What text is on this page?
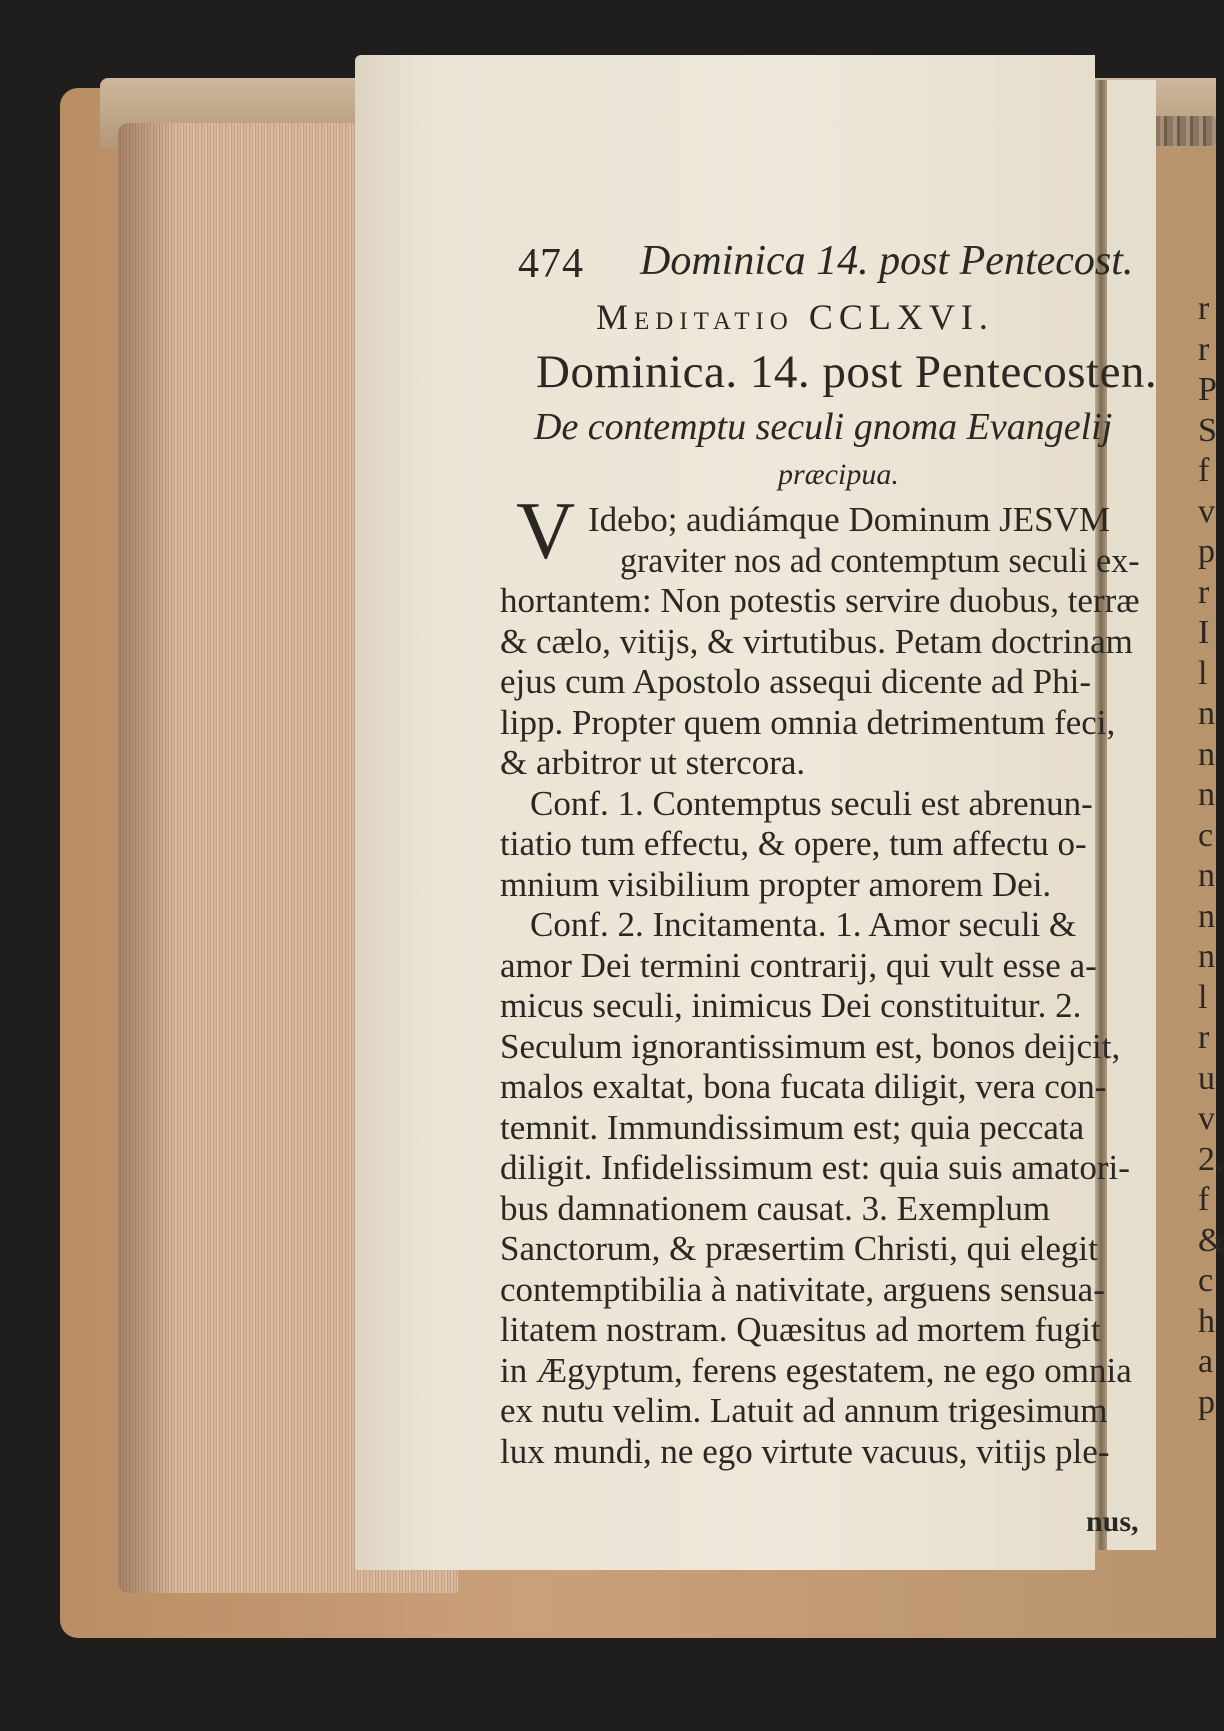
474 Dominica 14. post Pentecost.
Meditatio CCLXVI.
Dominica. 14. post Pentecosten.
De contemptu seculi gnoma Evangelij
præcipua.
V Idebo; audiámque Dominum JESVM
graviter nos ad contemptum seculi ex-
hortantem: Non potestis servire duobus, terræ
& cælo, vitijs, & virtutibus. Petam doctrinam
ejus cum Apostolo assequi dicente ad Phi-
lipp. Propter quem omnia detrimentum feci,
& arbitror ut stercora.
Conf. 1. Contemptus seculi est abrenun-
tiatio tum effectu, & opere, tum affectu o-
mnium visibilium propter amorem Dei.
Conf. 2. Incitamenta. 1. Amor seculi &
amor Dei termini contrarij, qui vult esse a-
micus seculi, inimicus Dei constituitur. 2.
Seculum ignorantissimum est, bonos deijcit,
malos exaltat, bona fucata diligit, vera con-
temnit. Immundissimum est; quia peccata
diligit. Infidelissimum est: quia suis amatori-
bus damnationem causat. 3. Exemplum
Sanctorum, & præsertim Christi, qui elegit
contemptibilia à nativitate, arguens sensua-
litatem nostram. Quæsitus ad mortem fugit
in Ægyptum, ferens egestatem, ne ego omnia
ex nutu velim. Latuit ad annum trigesimum
lux mundi, ne ego virtute vacuus, vitijs ple-
nus,
r
r
P
S
f
v
p
r
I
l
n
n
n
c
n
n
n
l
r
u
v
2.
f
&
c
h
a
p
